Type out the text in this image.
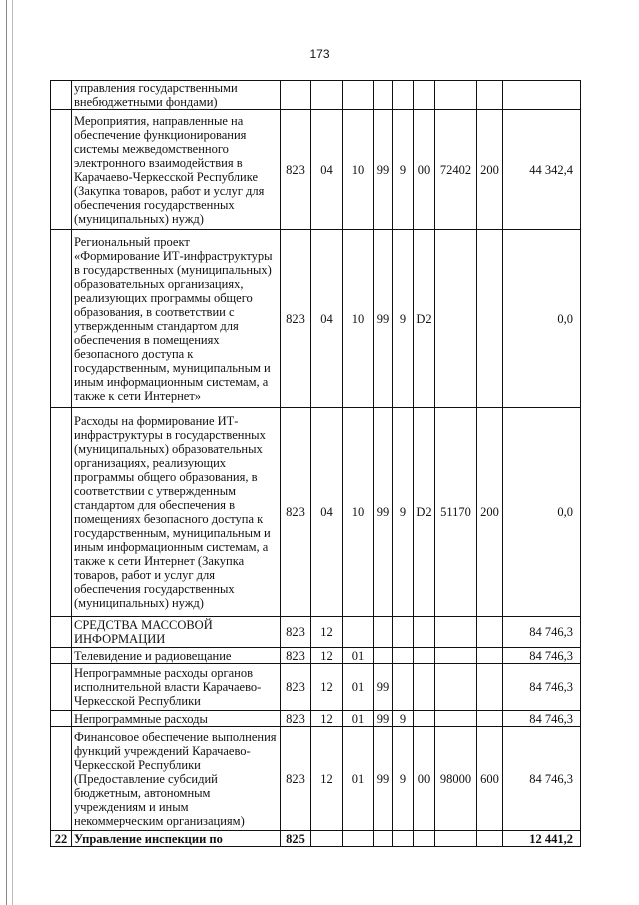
173
	управления государственными внебюджетными фондами)									
	Мероприятия, направленные на обеспечение функционирования системы межведомственного электронного взаимодействия в Карачаево-Черкесской Республике (Закупка товаров, работ и услуг для обеспечения государственных (муниципальных) нужд)	823	04	10	99	9	00	72402	200	44 342,4
	Региональный проект «Формирование ИТ-инфраструктуры в государственных (муниципальных) образовательных организациях, реализующих программы общего образования, в соответствии с утвержденным стандартом для обеспечения в помещениях безопасного доступа к государственным, муниципальным и иным информационным системам, а также к сети Интернет»	823	04	10	99	9	D2			0,0
	Расходы на формирование ИТ-инфраструктуры в государственных (муниципальных) образовательных организациях, реализующих программы общего образования, в соответствии с утвержденным стандартом для обеспечения в помещениях безопасного доступа к государственным, муниципальным и иным информационным системам, а также к сети Интернет (Закупка товаров, работ и услуг для обеспечения государственных (муниципальных) нужд)	823	04	10	99	9	D2	51170	200	0,0
	СРЕДСТВА МАССОВОЙ ИНФОРМАЦИИ	823	12							84 746,3
	Телевидение и радиовещание	823	12	01						84 746,3
	Непрограммные расходы органов исполнительной власти Карачаево-Черкесской Республики	823	12	01	99					84 746,3
	Непрограммные расходы	823	12	01	99	9				84 746,3
	Финансовое обеспечение выполнения функций учреждений Карачаево-Черкесской Республики (Предоставление субсидий бюджетным, автономным учреждениям и иным некоммерческим организациям)	823	12	01	99	9	00	98000	600	84 746,3
22	Управление инспекции по	825								12 441,2
